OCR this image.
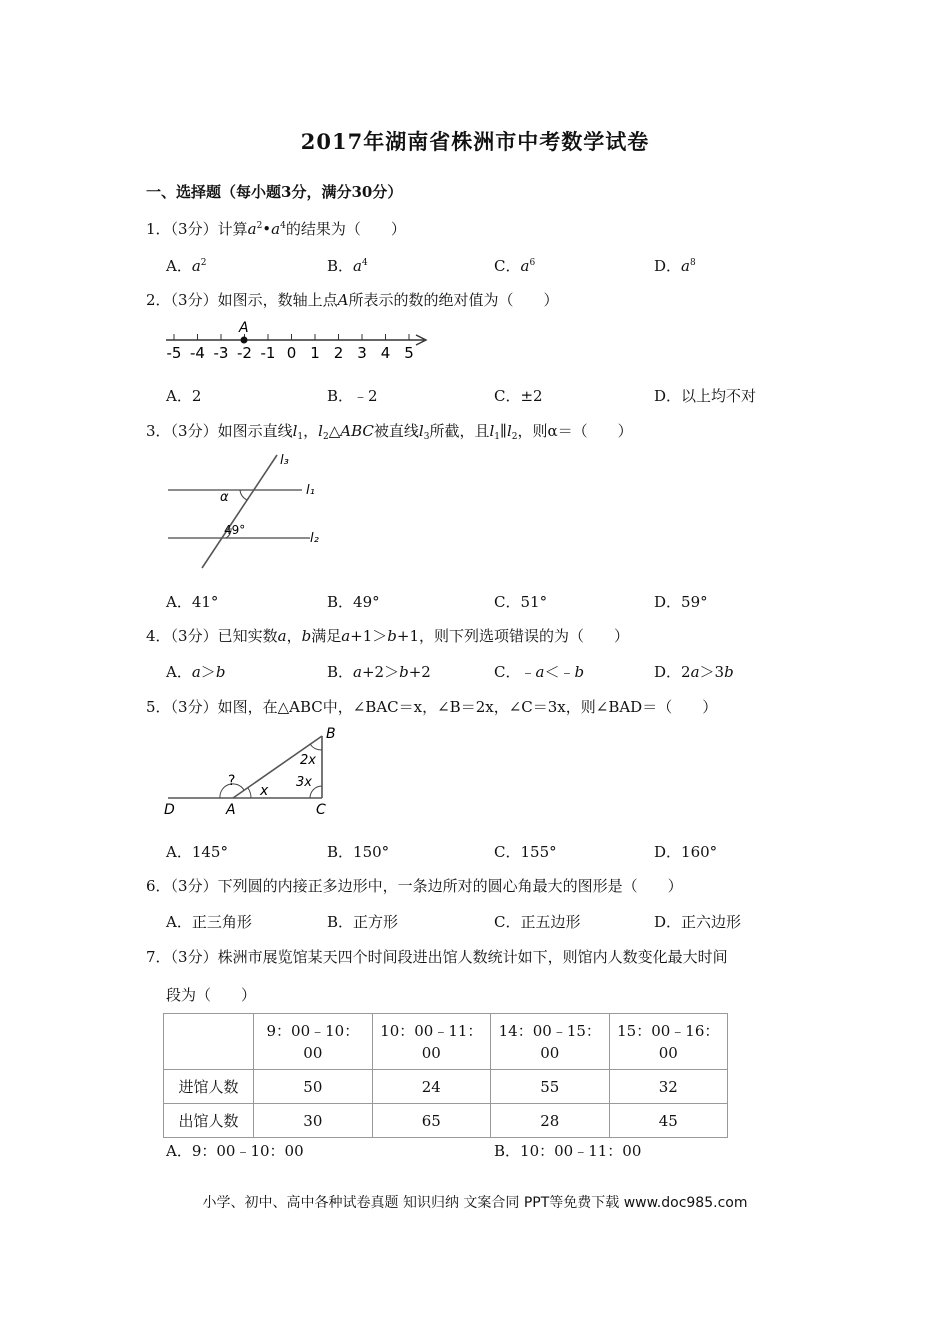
2017年湖南省株洲市中考数学试卷
一、选择题（每小题3分，满分30分）
1．（3分）计算$a^2•a^4$的结果为（　　）
A．$a^2$	B．$a^4$	C．$a^6$	D．$a^8$
2．（3分）如图示，数轴上点A所表示的数的绝对值为（　　）
-5 -4 -3 -2 -1 0 1 2 3 4 5
A
A．2	B．﹣2	C．±2	D．以上均不对
3．（3分）如图示直线$l_1$，$l_2\triangle ABC$被直线$l_3$所截，且$l_1\parallel l_2$，则α＝（　　）
α
49°
l₁
l₂
l₃
A．41°	B．49°	C．51°	D．59°
4．（3分）已知实数a，b满足a+1＞b+1，则下列选项错误的为（　　）
A．a＞b	B．a+2＞b+2	C．﹣a＜﹣b	D．2a＞3b
5．（3分）如图，在△ABC中，∠BAC＝x，∠B＝2x，∠C＝3x，则∠BAD＝（　　）
B
A	C
D
?
x
2x
3x
A．145°	B．150°	C．155°	D．160°
6．（3分）下列圆的内接正多边形中，一条边所对的圆心角最大的图形是（　　）
A．正三角形	B．正方形	C．正五边形	D．正六边形
7．（3分）株洲市展览馆某天四个时间段进出馆人数统计如下，则馆内人数变化最大时间
段为（　　）
	9：00﹣10：00	10：00﹣11：00	14：00﹣15：00	15：00﹣16：00
进馆人数	50	24	55	32
出馆人数	30	65	28	45
A．9：00﹣10：00	B．10：00﹣11：00
小学、初中、高中各种试卷真题 知识归纳 文案合同 PPT等免费下载 www.doc985.com
